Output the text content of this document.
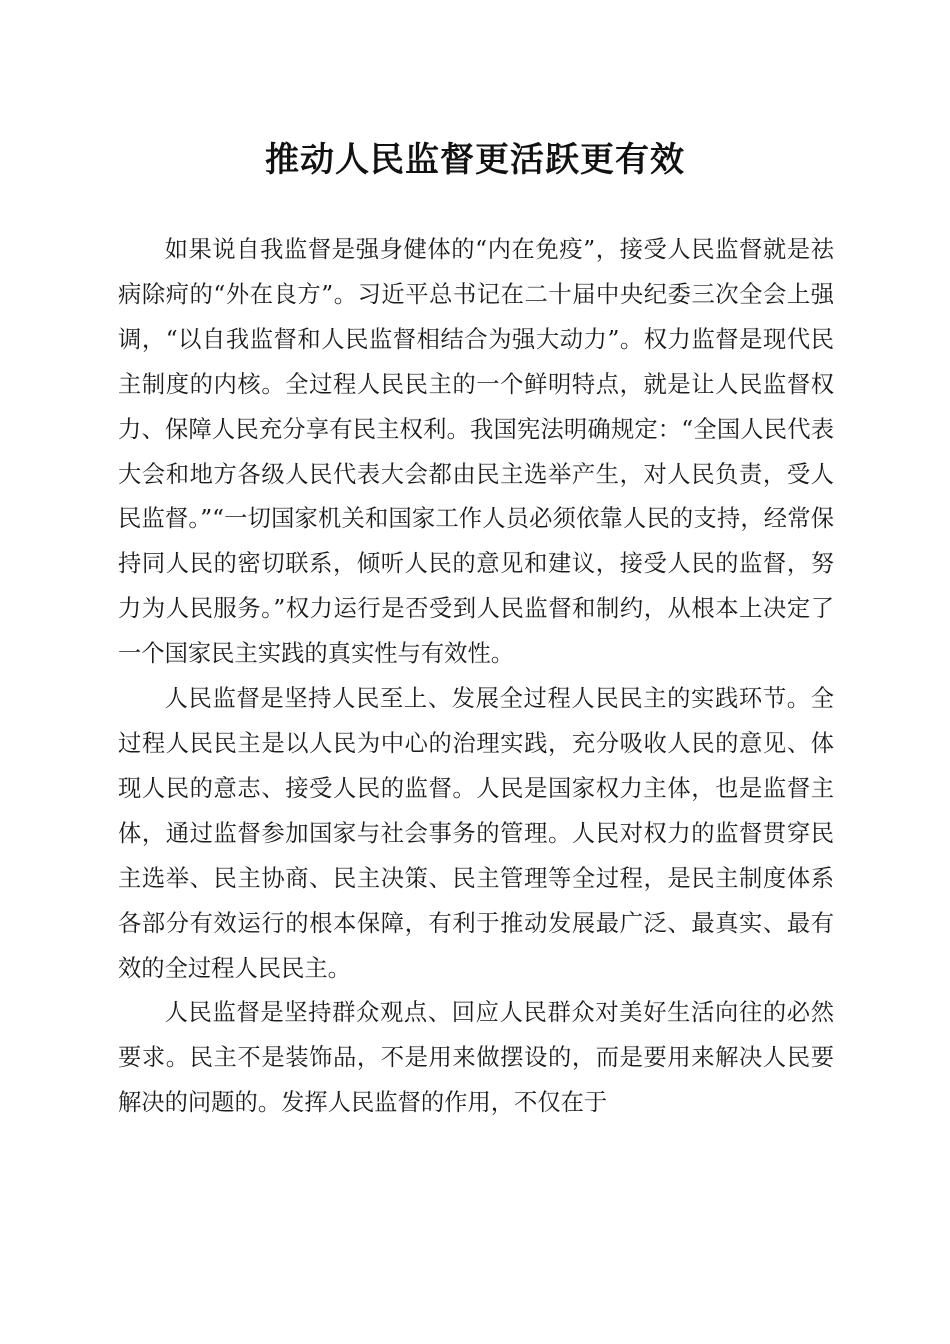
推动人民监督更活跃更有效

如果说自我监督是强身健体的“内在免疫”，接受人民监督就是祛病除疴的“外在良方”。习近平总书记在二十届中央纪委三次全会上强调，“以自我监督和人民监督相结合为强大动力”。权力监督是现代民主制度的内核。全过程人民民主的一个鲜明特点，就是让人民监督权力、保障人民充分享有民主权利。我国宪法明确规定：“全国人民代表大会和地方各级人民代表大会都由民主选举产生，对人民负责，受人民监督。”“一切国家机关和国家工作人员必须依靠人民的支持，经常保持同人民的密切联系，倾听人民的意见和建议，接受人民的监督，努力为人民服务。”权力运行是否受到人民监督和制约，从根本上决定了一个国家民主实践的真实性与有效性。

人民监督是坚持人民至上、发展全过程人民民主的实践环节。全过程人民民主是以人民为中心的治理实践，充分吸收人民的意见、体现人民的意志、接受人民的监督。人民是国家权力主体，也是监督主体，通过监督参加国家与社会事务的管理。人民对权力的监督贯穿民主选举、民主协商、民主决策、民主管理等全过程，是民主制度体系各部分有效运行的根本保障，有利于推动发展最广泛、最真实、最有效的全过程人民民主。

人民监督是坚持群众观点、回应人民群众对美好生活向往的必然要求。民主不是装饰品，不是用来做摆设的，而是要用来解决人民要解决的问题的。发挥人民监督的作用，不仅在于
